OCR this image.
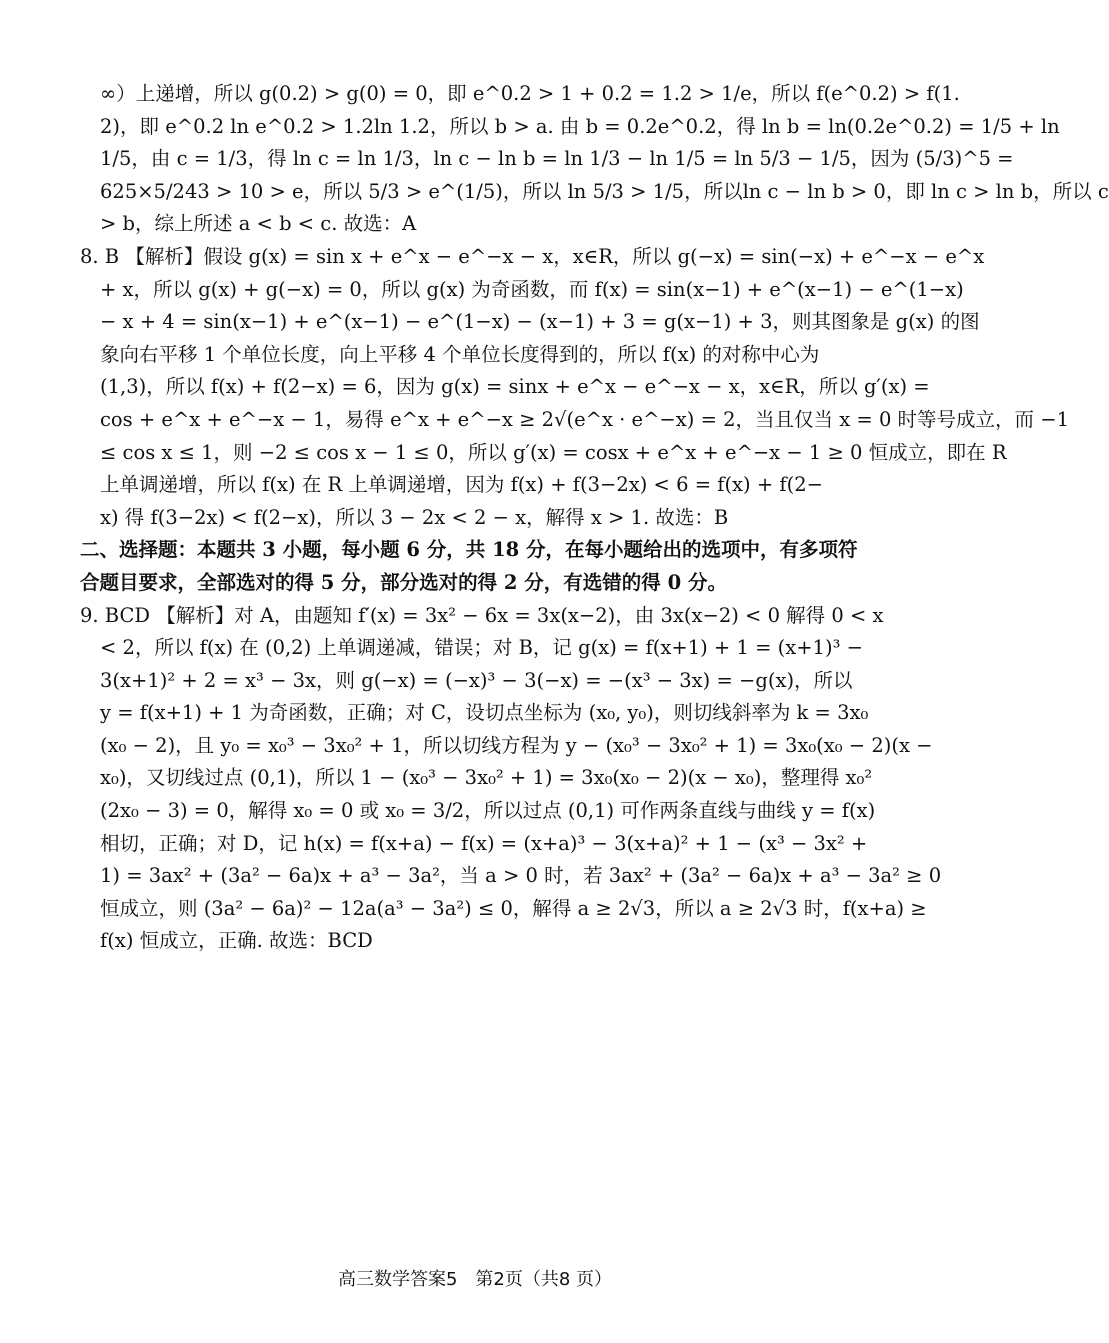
∞）上递增，所以 g(0.2) > g(0) = 0，即 e^0.2 > 1 + 0.2 = 1.2 > 1/e，所以 f(e^0.2) > f(1.
2)，即 e^0.2 ln e^0.2 > 1.2ln 1.2，所以 b > a. 由 b = 0.2e^0.2，得 ln b = ln(0.2e^0.2) = 1/5 + ln
1/5，由 c = 1/3，得 ln c = ln 1/3，ln c − ln b = ln 1/3 − ln 1/5 = ln 5/3 − 1/5，因为 (5/3)^5 =
625×5/243 > 10 > e，所以 5/3 > e^(1/5)，所以 ln 5/3 > 1/5，所以ln c − ln b > 0，即 ln c > ln b，所以 c
> b，综上所述 a < b < c. 故选：A
8. B 【解析】假设 g(x) = sin x + e^x − e^−x − x，x∈R，所以 g(−x) = sin(−x) + e^−x − e^x
+ x，所以 g(x) + g(−x) = 0，所以 g(x) 为奇函数，而 f(x) = sin(x−1) + e^(x−1) − e^(1−x)
− x + 4 = sin(x−1) + e^(x−1) − e^(1−x) − (x−1) + 3 = g(x−1) + 3，则其图象是 g(x) 的图
象向右平移 1 个单位长度，向上平移 4 个单位长度得到的，所以 f(x) 的对称中心为
(1,3)，所以 f(x) + f(2−x) = 6，因为 g(x) = sinx + e^x − e^−x − x，x∈R，所以 g′(x) =
cos + e^x + e^−x − 1，易得 e^x + e^−x ≥ 2√(e^x · e^−x) = 2，当且仅当 x = 0 时等号成立，而 −1
≤ cos x ≤ 1，则 −2 ≤ cos x − 1 ≤ 0，所以 g′(x) = cosx + e^x + e^−x − 1 ≥ 0 恒成立，即在 R
上单调递增，所以 f(x) 在 R 上单调递增，因为 f(x) + f(3−2x) < 6 = f(x) + f(2−
x) 得 f(3−2x) < f(2−x)，所以 3 − 2x < 2 − x，解得 x > 1. 故选：B
二、选择题：本题共 3 小题，每小题 6 分，共 18 分，在每小题给出的选项中，有多项符
合题目要求，全部选对的得 5 分，部分选对的得 2 分，有选错的得 0 分。
9. BCD 【解析】对 A，由题知 f′(x) = 3x² − 6x = 3x(x−2)，由 3x(x−2) < 0 解得 0 < x
< 2，所以 f(x) 在 (0,2) 上单调递减，错误；对 B，记 g(x) = f(x+1) + 1 = (x+1)³ −
3(x+1)² + 2 = x³ − 3x，则 g(−x) = (−x)³ − 3(−x) = −(x³ − 3x) = −g(x)，所以
y = f(x+1) + 1 为奇函数，正确；对 C，设切点坐标为 (x₀, y₀)，则切线斜率为 k = 3x₀
(x₀ − 2)，且 y₀ = x₀³ − 3x₀² + 1，所以切线方程为 y − (x₀³ − 3x₀² + 1) = 3x₀(x₀ − 2)(x −
x₀)，又切线过点 (0,1)，所以 1 − (x₀³ − 3x₀² + 1) = 3x₀(x₀ − 2)(x − x₀)，整理得 x₀²
(2x₀ − 3) = 0，解得 x₀ = 0 或 x₀ = 3/2，所以过点 (0,1) 可作两条直线与曲线 y = f(x)
相切，正确；对 D，记 h(x) = f(x+a) − f(x) = (x+a)³ − 3(x+a)² + 1 − (x³ − 3x² +
1) = 3ax² + (3a² − 6a)x + a³ − 3a²，当 a > 0 时，若 3ax² + (3a² − 6a)x + a³ − 3a² ≥ 0
恒成立，则 (3a² − 6a)² − 12a(a³ − 3a²) ≤ 0，解得 a ≥ 2√3，所以 a ≥ 2√3 时，f(x+a) ≥
f(x) 恒成立，正确. 故选：BCD
高三数学答案5　第2页（共8 页）
